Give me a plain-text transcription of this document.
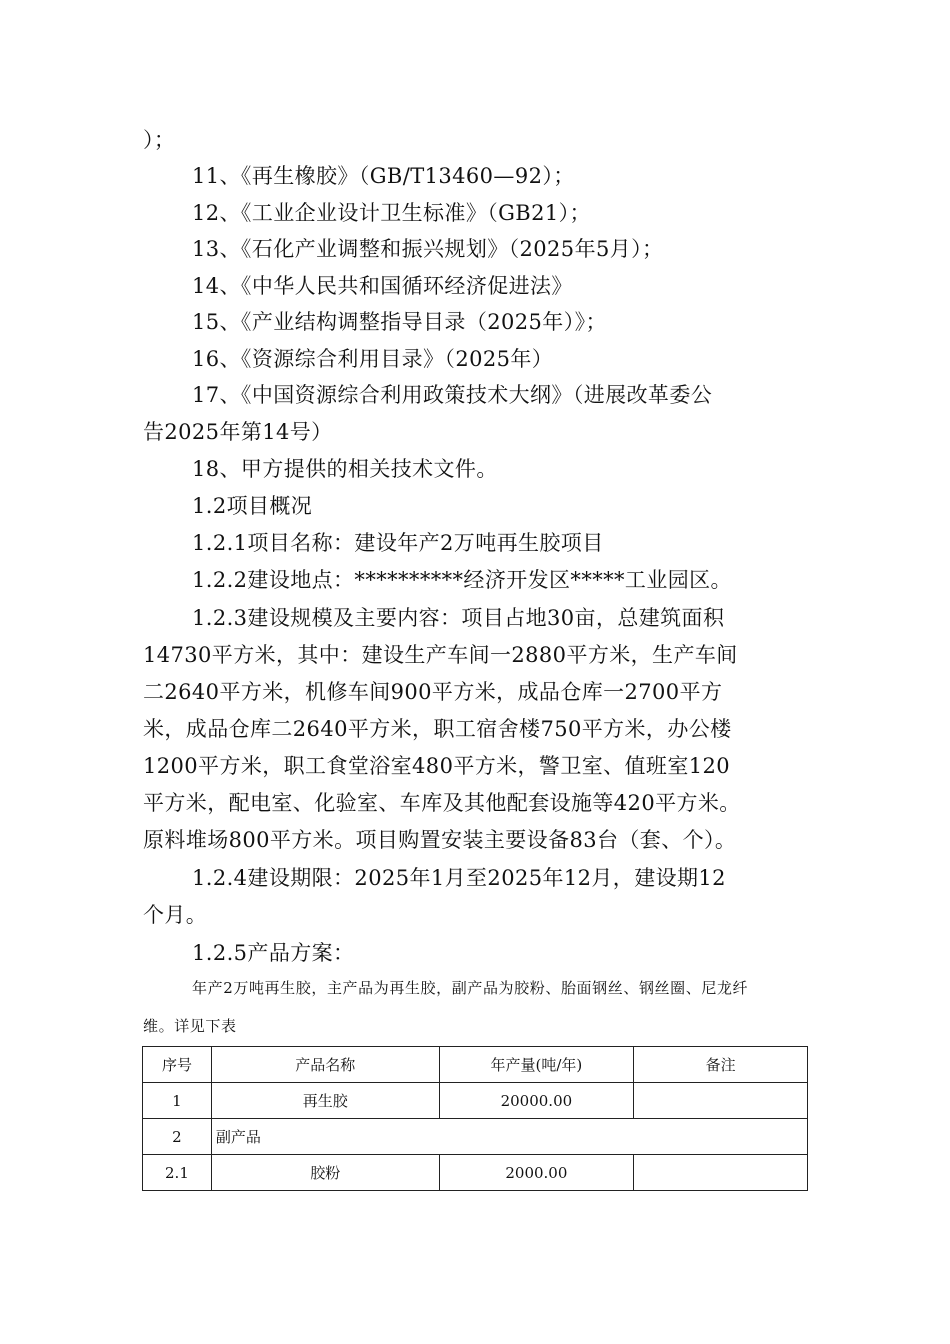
）；
11、《再生橡胶》（GB/T13460—92）；
12、《工业企业设计卫生标准》（GB21）；
13、《石化产业调整和振兴规划》（2025年5月）；
14、《中华人民共和国循环经济促进法》
15、《产业结构调整指导目录（2025年）》；
16、《资源综合利用目录》（2025年）
17、《中国资源综合利用政策技术大纲》（进展改革委公
告2025年第14号）
18、甲方提供的相关技术文件。
1.2项目概况
1.2.1项目名称：建设年产2万吨再生胶项目
1.2.2建设地点：**********经济开发区*****工业园区。
1.2.3建设规模及主要内容：项目占地30亩，总建筑面积
14730平方米，其中：建设生产车间一2880平方米，生产车间
二2640平方米，机修车间900平方米，成品仓库一2700平方
米，成品仓库二2640平方米，职工宿舍楼750平方米，办公楼
1200平方米，职工食堂浴室480平方米，警卫室、值班室120
平方米，配电室、化验室、车库及其他配套设施等420平方米。
原料堆场800平方米。项目购置安装主要设备83台（套、个）。
1.2.4建设期限：2025年1月至2025年12月，建设期12
个月。
1.2.5产品方案：
年产2万吨再生胶，主产品为再生胶，副产品为胶粉、胎面钢丝、钢丝圈、尼龙纤
维。详见下表
序号	产品名称	年产量(吨/年)	备注
1	再生胶	20000.00	
2	副产品		
2.1	胶粉	2000.00	
